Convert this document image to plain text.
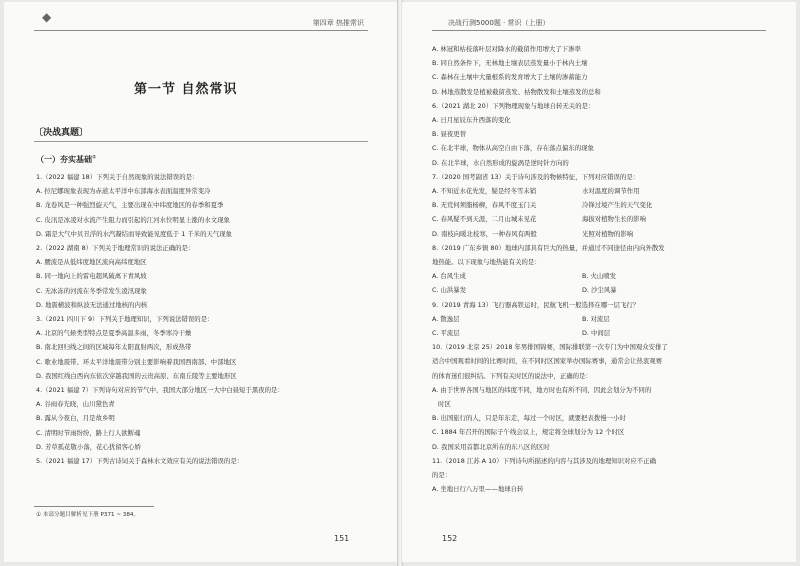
◆	第四章 热推常识
第一节 自然常识
〔决战真题〕
（一）夯实基础①
1.（2022 福建 18）下列关于自然现象的说法错误的是：
A. 拉尼娜现象表现为赤道太平洋中东部海水表面温度异常变冷
B. 龙卷风是一种强烈旋天气，主要出现在中纬度地区的春季和夏季
C. 皮汛是冰凌对水流产生阻力而引起的江河水位明显上涨的水文现象
D. 霜是大气中贝丑浮的水汽凝结而导致能见度低于 1 千米的天气现象
2.（2022 湖南 8）下列关于地理常识的说法正确的是：
A. 腰流是从低纬度地区流向高纬度地区
B. 同一地向上的雷电超风破离下青风坡
C. 无冰冻的河流在冬季常发生凌汛现象
D. 地震横波和纵波无法通过地核的内核
3.（2021 四川下 9）下列关于地理知识，下列说法错误的是：
A. 北京的气候类型特点是夏季高温多雨，冬季寒冷干燥
B. 南北回归线之间的区域每年太阳直射两次，形成热带
C. 歌业地震带、环太平洋地震带分别主要影响着我国西南部、中部地区
D. 我国红线白西向东依次穿越我国的云贵高原、东南丘陵等主要地形区
4.（2021 福建 7）下列诗句对应的节气中，我国大部分地区一大中白昼短于黑夜的是：
A. 谷雨春光晓，山川黛色青
B. 露从今夜白，月是故乡明
C. 清明时节雨纷纷，路上行人欲断魂
D. 芳草孤花敬小落，花心犹留客心娇
5.（2021 福建 17）下列古诗词关于森林水文效应有关的说法错误的是：
① 本部分题目解析见下册 P371 ~ 384。
151
决战行测5000题 · 常识（上册）
A. 林冠和枯枝落叶层对降水的截留作用增大了下渗率
B. 同自然条件下，无林地土壤表层蒸发量小于林内土壤
C. 森林在土壤中大量根系的发育增大了土壤的渗蓄能力
D. 林地蒸散发是植被截留蒸发、枯物散发和土壤蒸发的总和
6.（2021 湖北 20）下列物理现象与地球自转无关的是：
A. 日月星辰东升西落的变化
B. 昼夜更替
C. 在北半球，物体从高空自由下落，存在落点偏东的现象
D. 在北半球，水自然形成的旋涡是逆时针方向的
7.（2020 国考副省 13）关于诗句涉及的物候特征，下列对应错误的是：
A. 不知近水花先发，疑是经冬雪未销	水对温度的调节作用
B. 无荒何须脂杨柳，春风不度玉门关	冷锋过境产生的天气变化
C. 春风疑不到天涯，二月山城未见花	海拔对植物生长的影响
D. 南枝向暖北枝寒，一种春风有两般	光照对植物的影响
8.（2019 广东乡镇 80）地球内部具有巨大的热量，并通过不同途径由内向外散发
地热能。以下现象与地热能有关的是：
A. 台风生成	B. 火山喷发
C. 山洪暴发	D. 沙尘风暴
9.（2019 青海 13）飞行器高铁运时，民航飞机一般选择在哪一层飞行？
A. 散逸层	B. 对流层
C. 平流层	D. 中间层
10.（2019 北京 25）2018 年男排国锦赛，国际排联第一次专门为中国观众安排了
适合中国观看时间的比赛时间，在不同时区国家举办国际赛事，通常会让热衷观赛
的体育迷们很纠结。下列有关时区的说法中，正确的是：
A. 由于世界各国与地区的纬度不同，地方时也有所不同，因此会划分为不同的
时区
B. 出国旅行的人，只是年东走，每过一个时区，就要把表拨慢一小时
C. 1884 年召开的国际子午线会议上，规定将全球划分为 12 个时区
D. 我国采用首都北京所在的东八区的区时
11.（2018 江苏 A 10）下列诗句所描述的内容与其涉及的地理知识对应不正确
的是：
A. 坐地日行八万里——地球自转
152
